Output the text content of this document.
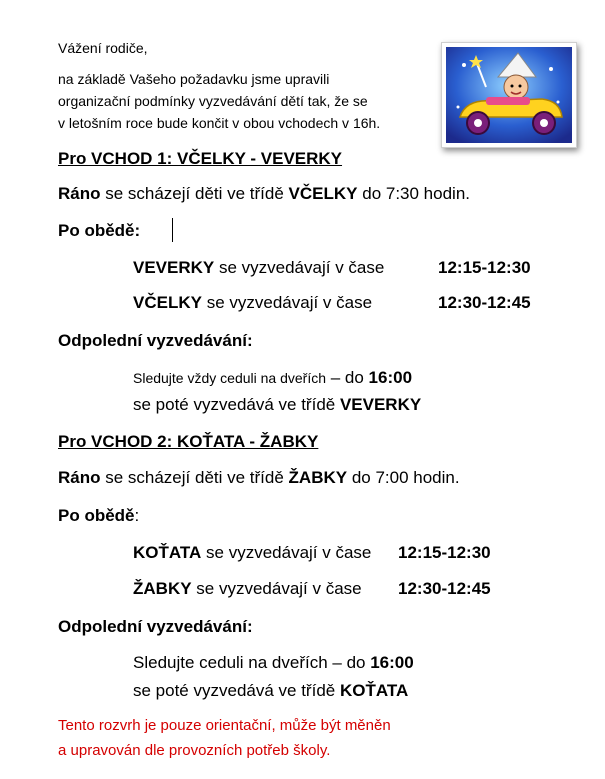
Vážení rodiče,
na základě Vašeho požadavku jsme upravili
organizační podmínky vyzvedávání dětí tak, že se
v letošním roce bude končit v obou vchodech v 16h.
Pro VCHOD 1: VČELKY - VEVERKY
Ráno se scházejí děti ve třídě VČELKY do 7:30 hodin.
Po obědě:
VEVERKY se vyzvedávají v čase	12:15-12:30
VČELKY se vyzvedávají v čase	12:30-12:45
Odpolední vyzvedávání:
Sledujte vždy ceduli na dveřích – do 16:00
se poté vyzvedává ve třídě VEVERKY
Pro VCHOD 2: KOŤATA - ŽABKY
Ráno se scházejí děti ve třídě ŽABKY do 7:00 hodin.
Po obědě:
KOŤATA se vyzvedávají v čase 12:15-12:30
ŽABKY se vyzvedávají v čase 12:30-12:45
Odpolední vyzvedávání:
Sledujte ceduli na dveřích – do 16:00
se poté vyzvedává ve třídě KOŤATA
Tento rozvrh je pouze orientační, může být měněn
a upravován dle provozních potřeb školy.
